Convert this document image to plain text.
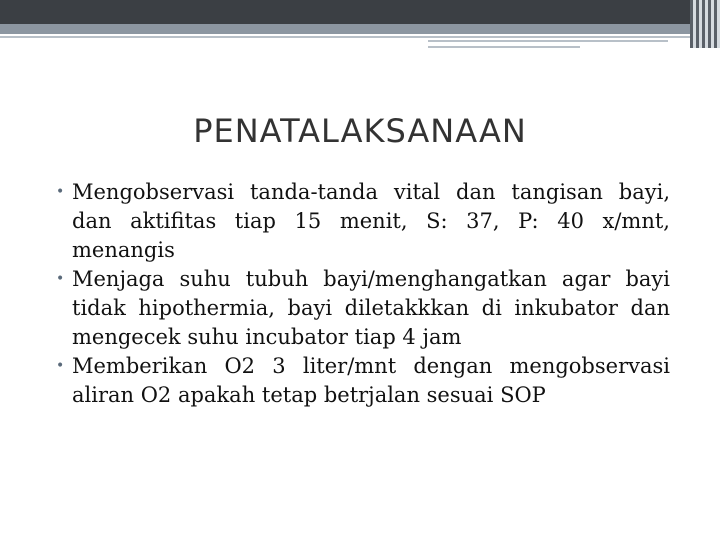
PENATALAKSANAAN
• Mengobservasi tanda-tanda vital dan tangisan bayi, dan aktifitas tiap 15 menit, S: 37, P: 40 x/mnt, menangis
• Menjaga suhu tubuh bayi/menghangatkan agar bayi tidak hipothermia, bayi diletakkkan di inkubator dan mengecek suhu incubator tiap 4 jam
• Memberikan O2 3 liter/mnt dengan mengobservasi aliran O2 apakah tetap betrjalan sesuai SOP
